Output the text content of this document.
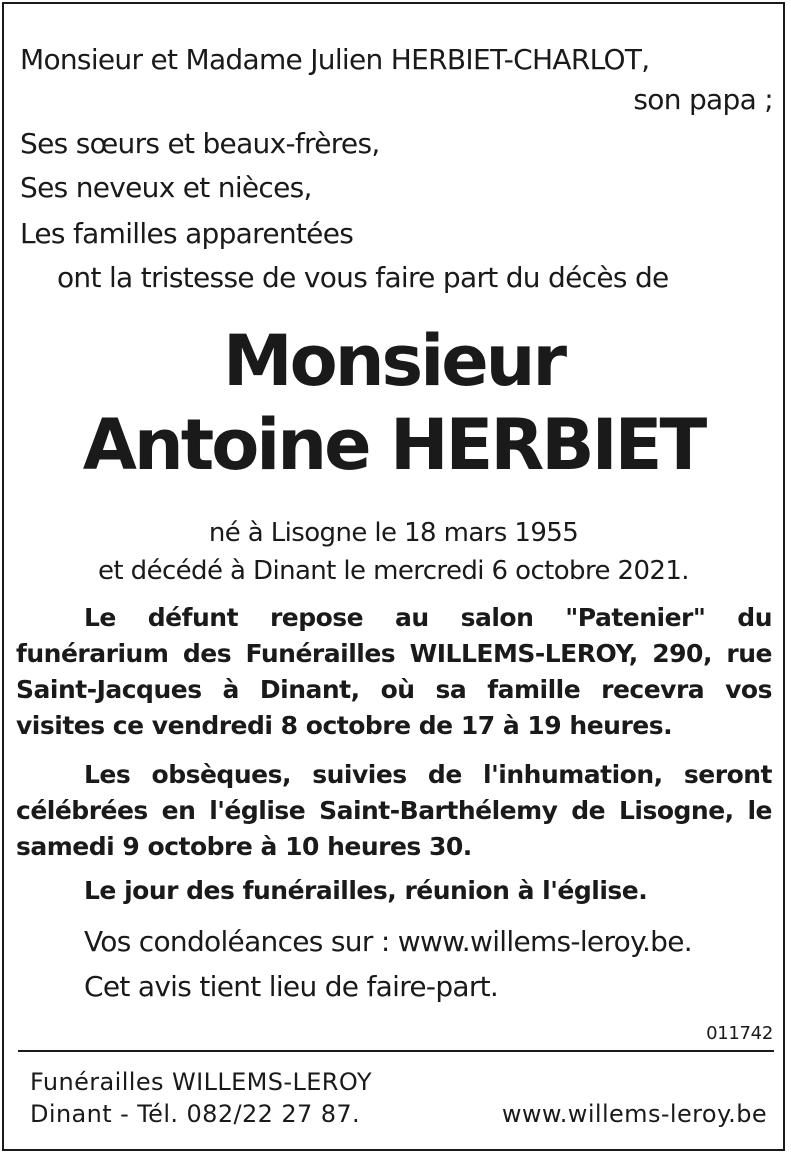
Monsieur et Madame Julien HERBIET-CHARLOT,
son papa ;
Ses sœurs et beaux-frères,
Ses neveux et nièces,
Les familles apparentées
ont la tristesse de vous faire part du décès de
Monsieur
Antoine HERBIET
né à Lisogne le 18 mars 1955
et décédé à Dinant le mercredi 6 octobre 2021.
Le défunt repose au salon "Patenier" du funérarium des Funérailles WILLEMS-LEROY, 290, rue Saint-Jacques à Dinant, où sa famille recevra vos visites ce vendredi 8 octobre de 17 à 19 heures.
Les obsèques, suivies de l'inhumation, seront célébrées en l'église Saint-Barthélemy de Lisogne, le samedi 9 octobre à 10 heures 30.
Le jour des funérailles, réunion à l'église.
Vos condoléances sur : www.willems-leroy.be.
Cet avis tient lieu de faire-part.
011742
Funérailles WILLEMS-LEROY
Dinant - Tél. 082/22 27 87.	www.willems-leroy.be
